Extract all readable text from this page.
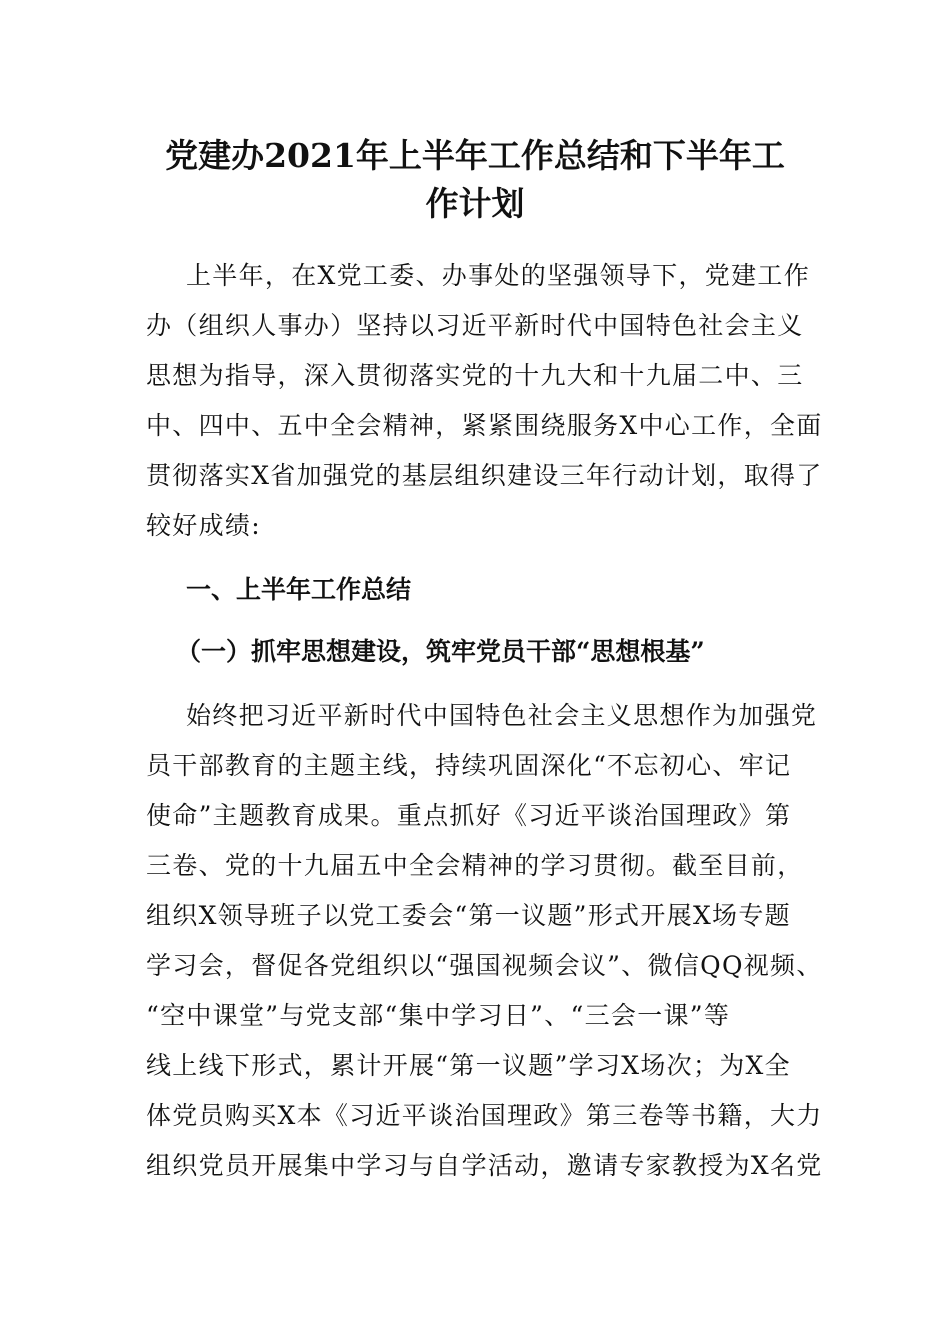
党建办2021年上半年工作总结和下半年工
作计划
上半年，在X党工委、办事处的坚强领导下，党建工作
办（组织人事办）坚持以习近平新时代中国特色社会主义
思想为指导，深入贯彻落实党的十九大和十九届二中、三
中、四中、五中全会精神，紧紧围绕服务X中心工作，全面
贯彻落实X省加强党的基层组织建设三年行动计划，取得了
较好成绩:
一、上半年工作总结
（一）抓牢思想建设，筑牢党员干部“思想根基”
始终把习近平新时代中国特色社会主义思想作为加强党
员干部教育的主题主线，持续巩固深化“不忘初心、牢记
使命”主题教育成果。重点抓好《习近平谈治国理政》第
三卷、党的十九届五中全会精神的学习贯彻。截至目前，
组织X领导班子以党工委会“第一议题”形式开展X场专题
学习会，督促各党组织以“强国视频会议”、微信QQ视频、
“空中课堂”与党支部“集中学习日”、“三会一课”等
线上线下形式，累计开展“第一议题”学习X场次；为X全
体党员购买X本《习近平谈治国理政》第三卷等书籍，大力
组织党员开展集中学习与自学活动，邀请专家教授为X名党
